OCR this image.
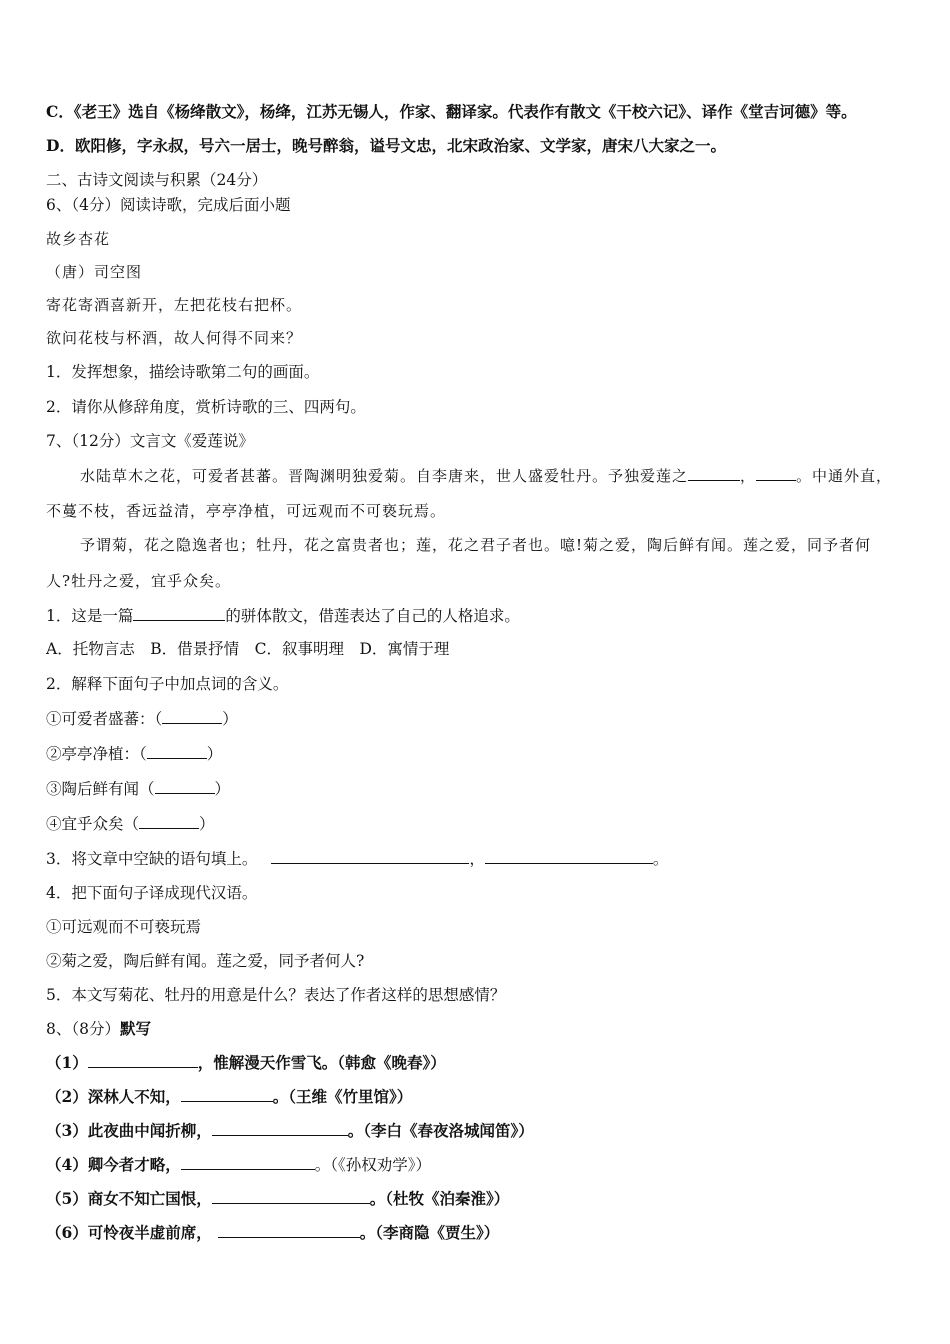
C．《老王》选自《杨绛散文》，杨绛，江苏无锡人，作家、翻译家。代表作有散文《干校六记》、译作《堂吉诃德》等。
D．欧阳修，字永叔，号六一居士，晚号醉翁，谥号文忠，北宋政治家、文学家，唐宋八大家之一。
二、古诗文阅读与积累（24分）
6、（4分）阅读诗歌，完成后面小题
故乡杏花
（唐）司空图
寄花寄酒喜新开，左把花枝右把杯。
欲问花枝与杯酒，故人何得不同来？
1．发挥想象，描绘诗歌第二句的画面。
2．请你从修辞角度，赏析诗歌的三、四两句。
7、（12分）文言文《爱莲说》
水陆草木之花，可爱者甚蕃。晋陶渊明独爱菊。自李唐来，世人盛爱牡丹。予独爱莲之	，	。中通外直，
不蔓不枝，香远益清，亭亭净植，可远观而不可亵玩焉。
予谓菊，花之隐逸者也；牡丹，花之富贵者也；莲，花之君子者也。噫!菊之爱，陶后鲜有闻。莲之爱，同予者何
人?牡丹之爱，宜乎众矣。
1．这是一篇	的骈体散文，借莲表达了自己的人格追求。
A．托物言志　B．借景抒情　C．叙事明理　D．寓情于理
2．解释下面句子中加点词的含义。
①可爱者盛蕃：（	）
②亭亭净植：（	）
③陶后鲜有闻（	）
④宜乎众矣（	）
3．将文章中空缺的语句填上。	，	。
4．把下面句子译成现代汉语。
①可远观而不可亵玩焉
②菊之爱，陶后鲜有闻。莲之爱，同予者何人?
5．本文写菊花、牡丹的用意是什么？表达了作者这样的思想感情？
8、（8分）默写
（1）	，惟解漫天作雪飞。（韩愈《晚春》）
（2）深林人不知，	。（王维《竹里馆》）
（3）此夜曲中闻折柳，	。（李白《春夜洛城闻笛》）
（4）卿今者才略，	。（《孙权劝学》）
（5）商女不知亡国恨，	。（杜牧《泊秦淮》）
（6）可怜夜半虚前席，	。（李商隐《贾生》）
